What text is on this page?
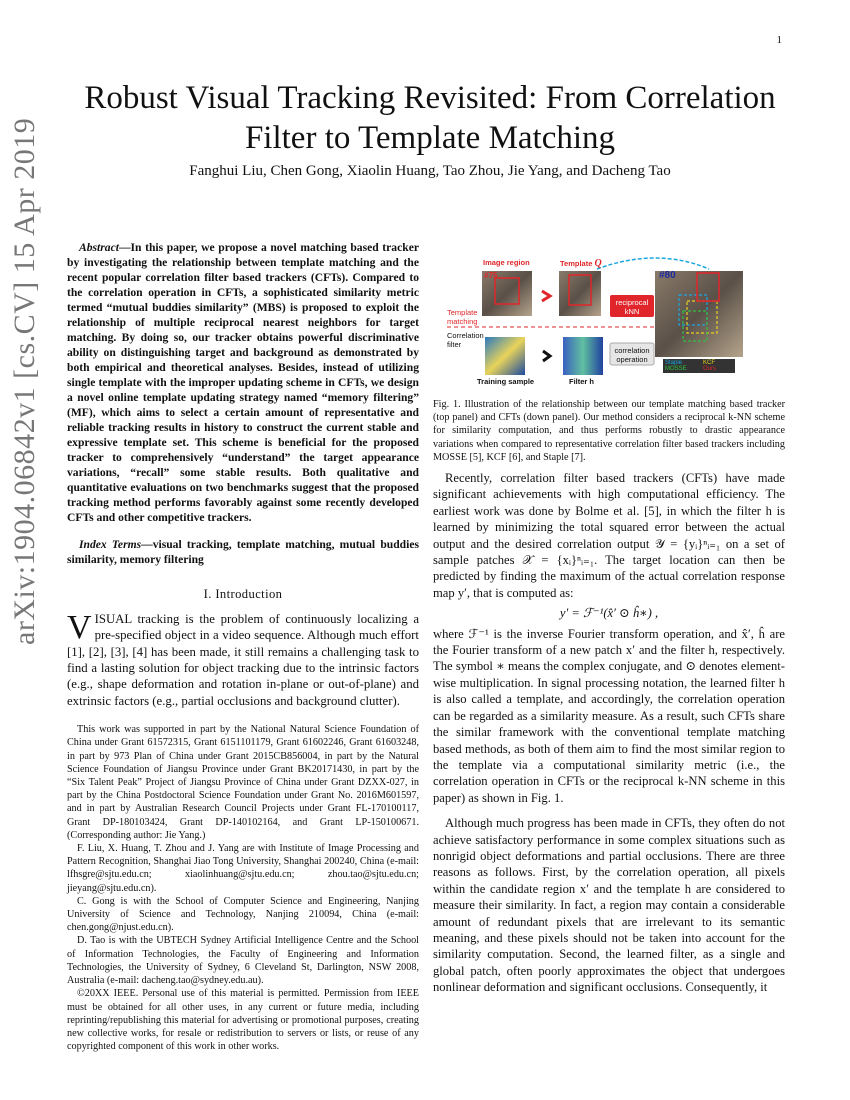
1
arXiv:1904.06842v1 [cs.CV] 15 Apr 2019
Robust Visual Tracking Revisited: From Correlation Filter to Template Matching
Fanghui Liu, Chen Gong, Xiaolin Huang, Tao Zhou, Jie Yang, and Dacheng Tao

Abstract—In this paper, we propose a novel matching based tracker by investigating the relationship between template matching and the recent popular correlation filter based trackers (CFTs). Compared to the correlation operation in CFTs, a sophisticated similarity metric termed “mutual buddies similarity” (MBS) is proposed to exploit the relationship of multiple reciprocal nearest neighbors for target matching. By doing so, our tracker obtains powerful discriminative ability on distinguishing target and background as demonstrated by both empirical and theoretical analyses. Besides, instead of utilizing single template with the improper updating scheme in CFTs, we design a novel online template updating strategy named “memory filtering” (MF), which aims to select a certain amount of representative and reliable tracking results in history to construct the current stable and expressive template set. This scheme is beneficial for the proposed tracker to comprehensively “understand” the target appearance variations, “recall” some stable results. Both qualitative and quantitative evaluations on two benchmarks suggest that the proposed tracking method performs favorably against some recently developed CFTs and other competitive trackers.

Index Terms—visual tracking, template matching, mutual buddies similarity, memory filtering

I. Introduction

VISUAL tracking is the problem of continuously localizing a pre-specified object in a video sequence. Although much effort [1], [2], [3], [4] has been made, it still remains a challenging task to find a lasting solution for object tracking due to the intrinsic factors (e.g., shape deformation and rotation in-plane or out-of-plane) and extrinsic factors (e.g., partial occlusions and background clutter).

This work was supported in part by the National Natural Science Foundation of China under Grant 61572315, Grant 6151101179, Grant 61602246, Grant 61603248, in part by 973 Plan of China under Grant 2015CB856004, in part by the Natural Science Foundation of Jiangsu Province under Grant BK20171430, in part by the “Six Talent Peak” Project of Jiangsu Province of China under Grant DZXX-027, in part by the China Postdoctoral Science Foundation under Grant No. 2016M601597, and in part by Australian Research Council Projects under Grant FL-170100117, Grant DP-180103424, Grant DP-140102164, and Grant LP-150100671. (Corresponding author: Jie Yang.)

F. Liu, X. Huang, T. Zhou and J. Yang are with Institute of Image Processing and Pattern Recognition, Shanghai Jiao Tong University, Shanghai 200240, China (e-mail: lfhsgre@sjtu.edu.cn; xiaolinhuang@sjtu.edu.cn; zhou.tao@sjtu.edu.cn; jieyang@sjtu.edu.cn).

C. Gong is with the School of Computer Science and Engineering, Nanjing University of Science and Technology, Nanjing 210094, China (e-mail: chen.gong@njust.edu.cn).

D. Tao is with the UBTECH Sydney Artificial Intelligence Centre and the School of Information Technologies, the Faculty of Engineering and Information Technologies, the University of Sydney, 6 Cleveland St, Darlington, NSW 2008, Australia (e-mail: dacheng.tao@sydney.edu.au).

©20XX IEEE. Personal use of this material is permitted. Permission from IEEE must be obtained for all other uses, in any current or future media, including reprinting/republishing this material for advertising or promotional purposes, creating new collective works, for resale or redistribution to servers or lists, or reuse of any copyrighted component of this work in other works.

Image region	Template Q
#75	#80
Template matching
Correlation filter
reciprocal kNN
correlation operation
Training sample	Filter h
Staple	KCF
MOSSE	Ours
Fig. 1. Illustration of the relationship between our template matching based tracker (top panel) and CFTs (down panel). Our method considers a reciprocal k-NN scheme for similarity computation, and thus performs robustly to drastic appearance variations when compared to representative correlation filter based trackers including MOSSE [5], KCF [6], and Staple [7].

Recently, correlation filter based trackers (CFTs) have made significant achievements with high computational efficiency. The earliest work was done by Bolme et al. [5], in which the filter h is learned by minimizing the total squared error between the actual output and the desired correlation output 𝒴 = {yᵢ}ⁿᵢ₌₁ on a set of sample patches 𝒳 = {xᵢ}ⁿᵢ₌₁. The target location can then be predicted by finding the maximum of the actual correlation response map y′, that is computed as:

y′ = ℱ⁻¹(x̂′ ⊙ ĥ∗) ,

where ℱ⁻¹ is the inverse Fourier transform operation, and x̂′, ĥ are the Fourier transform of a new patch x′ and the filter h, respectively. The symbol ∗ means the complex conjugate, and ⊙ denotes element-wise multiplication. In signal processing notation, the learned filter h is also called a template, and accordingly, the correlation operation can be regarded as a similarity measure. As a result, such CFTs share the similar framework with the conventional template matching based methods, as both of them aim to find the most similar region to the template via a computational similarity metric (i.e., the correlation operation in CFTs or the reciprocal k-NN scheme in this paper) as shown in Fig. 1.

Although much progress has been made in CFTs, they often do not achieve satisfactory performance in some complex situations such as nonrigid object deformations and partial occlusions. There are three reasons as follows. First, by the correlation operation, all pixels within the candidate region x′ and the template h are considered to measure their similarity. In fact, a region may contain a considerable amount of redundant pixels that are irrelevant to its semantic meaning, and these pixels should not be taken into account for the similarity computation. Second, the learned filter, as a single and global patch, often poorly approximates the object that undergoes nonlinear deformation and significant occlusions. Consequently, it
